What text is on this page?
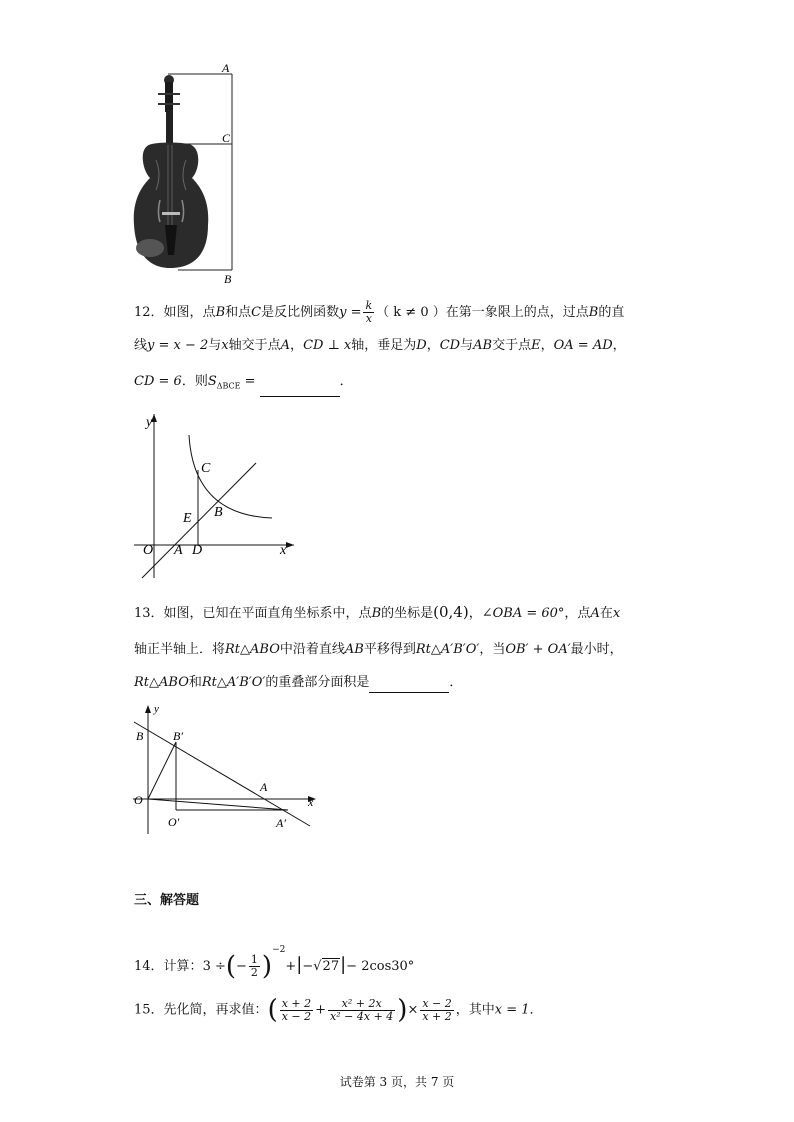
A
C
B
12．如图，点B和点C是反比例函数$y = \frac{k}{x}$ （ k ≠ 0 ）在第一象限上的点，过点B的直
线y = x − 2与x轴交于点A，CD ⊥ x轴，垂足为D，CD与AB交于点E，OA = AD，
CD = 6．则$S_{\Delta BCE}$ =	．
y
x
O A D
E B
C
13．如图，已知在平面直角坐标系中，点B的坐标是(0,4)，∠OBA = 60°，点A在x
轴正半轴上．将Rt△ABO中沿着直线AB平移得到Rt△A′B′O′，当OB′ + OA′最小时，
Rt△ABO和Rt△A′B′O′的重叠部分面积是	．
y
x
B B′
O
O′
A
A′
三、解答题
14．计算：3 ÷(− $\frac{1}{2} )^{-2}+|-√27|- 2\cos 30^\circ$
15．先化简，再求值：( $\frac{x + 2}{x - 2} + \frac{\text{x² + 2x}}{\text{x² − 4x + 4}}$ )× $\frac{x - 2}{x + 2}$ ，其中x = 1．
试卷第 3 页，共 7 页
